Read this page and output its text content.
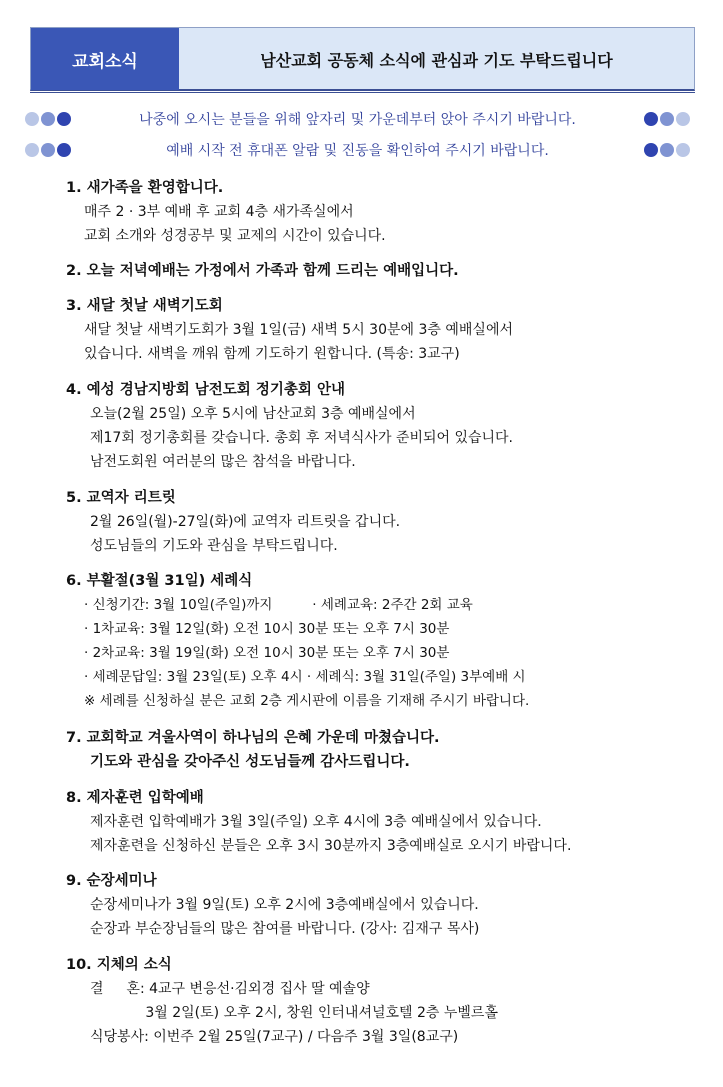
교회소식	남산교회 공동체 소식에 관심과 기도 부탁드립니다
나중에 오시는 분들을 위해 앞자리 및 가운데부터 앉아 주시기 바랍니다.
예배 시작 전 휴대폰 알람 및 진동을 확인하여 주시기 바랍니다.
1. 새가족을 환영합니다.
매주 2 · 3부 예배 후 교회 4층 새가족실에서
교회 소개와 성경공부 및 교제의 시간이 있습니다.
2. 오늘 저녁예배는 가정에서 가족과 함께 드리는 예배입니다.
3. 새달 첫날 새벽기도회
새달 첫날 새벽기도회가 3월 1일(금) 새벽 5시 30분에 3층 예배실에서
있습니다. 새벽을 깨워 함께 기도하기 원합니다. (특송: 3교구)
4. 예성 경남지방회 남전도회 정기총회 안내
오늘(2월 25일) 오후 5시에 남산교회 3층 예배실에서
제17회 정기총회를 갖습니다. 총회 후 저녁식사가 준비되어 있습니다.
남전도회원 여러분의 많은 참석을 바랍니다.
5. 교역자 리트릿
2월 26일(월)-27일(화)에 교역자 리트릿을 갑니다.
성도님들의 기도와 관심을 부탁드립니다.
6. 부활절(3월 31일) 세례식
· 신청기간: 3월 10일(주일)까지 　 　 · 세례교육: 2주간 2회 교육
· 1차교육: 3월 12일(화) 오전 10시 30분 또는 오후 7시 30분
· 2차교육: 3월 19일(화) 오전 10시 30분 또는 오후 7시 30분
· 세례문답일: 3월 23일(토) 오후 4시 · 세례식: 3월 31일(주일) 3부예배 시
※ 세례를 신청하실 분은 교회 2층 게시판에 이름을 기재해 주시기 바랍니다.
7. 교회학교 겨울사역이 하나님의 은혜 가운데 마쳤습니다.
기도와 관심을 갖아주신 성도님들께 감사드립니다.
8. 제자훈련 입학예배
제자훈련 입학예배가 3월 3일(주일) 오후 4시에 3층 예배실에서 있습니다.
제자훈련을 신청하신 분들은 오후 3시 30분까지 3층예배실로 오시기 바랍니다.
9. 순장세미나
순장세미나가 3월 9일(토) 오후 2시에 3층예배실에서 있습니다.
순장과 부순장님들의 많은 참여를 바랍니다. (강사: 김재구 목사)
10. 지체의 소식
결 　 혼: 4교구 변응선·김외경 집사 딸 예솔양
　 　 　 3월 2일(토) 오후 2시, 창원 인터내셔널호텔 2층 누벨르홀
식당봉사: 이번주 2월 25일(7교구) / 다음주 3월 3일(8교구)
